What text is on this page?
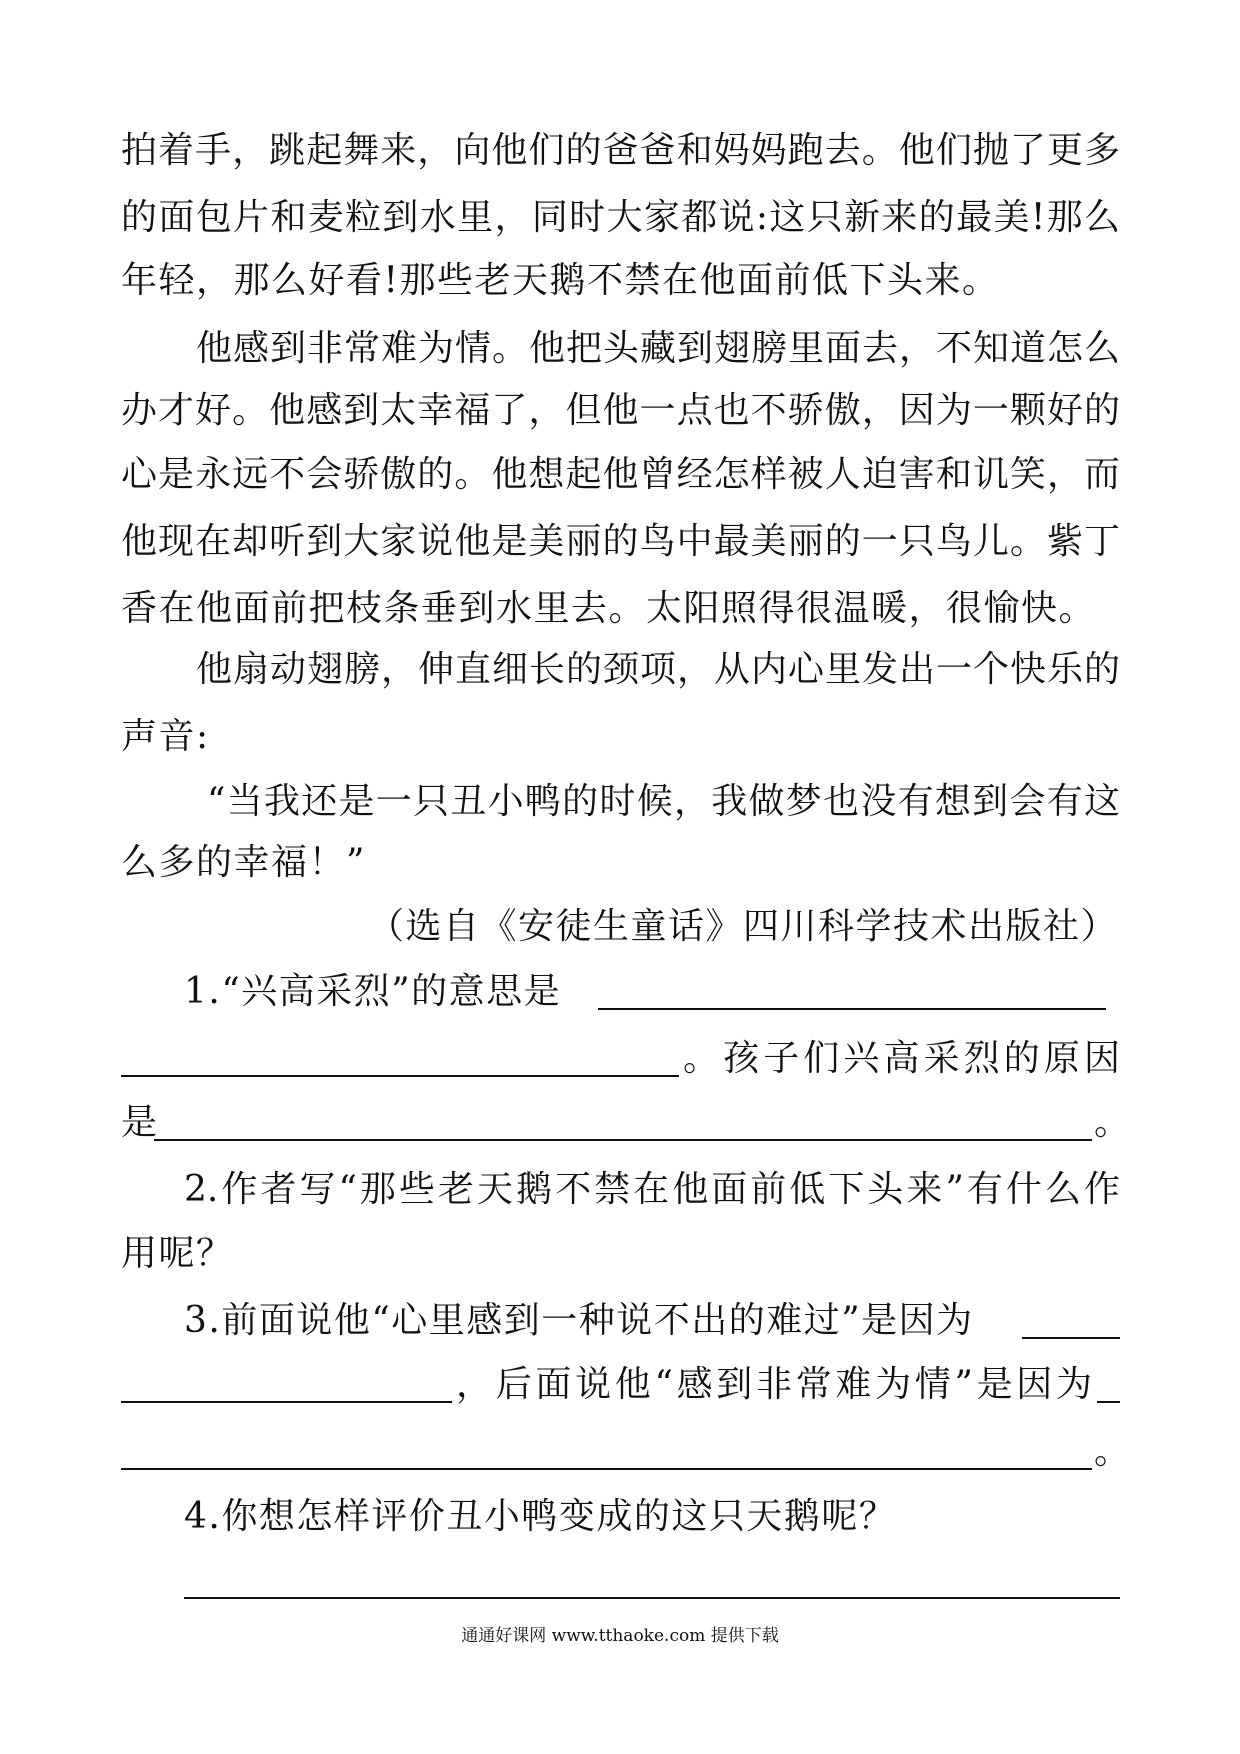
拍着手，跳起舞来，向他们的爸爸和妈妈跑去。他们抛了更多
的面包片和麦粒到水里，同时大家都说:这只新来的最美!那么
年轻，那么好看!那些老天鹅不禁在他面前低下头来。
他感到非常难为情。他把头藏到翅膀里面去，不知道怎么
办才好。他感到太幸福了，但他一点也不骄傲，因为一颗好的
心是永远不会骄傲的。他想起他曾经怎样被人迫害和讥笑，而
他现在却听到大家说他是美丽的鸟中最美丽的一只鸟儿。紫丁
香在他面前把枝条垂到水里去。太阳照得很温暖，很愉快。
他扇动翅膀，伸直细长的颈项，从内心里发出一个快乐的
声音:
“当我还是一只丑小鸭的时候，我做梦也没有想到会有这
么多的幸福！”
（选自《安徒生童话》四川科学技术出版社）
1.“兴高采烈”的意思是
。孩子们兴高采烈的原因
是	。
2.作者写“那些老天鹅不禁在他面前低下头来”有什么作
用呢？
3.前面说他“心里感到一种说不出的难过”是因为
，后面说他“感到非常难为情”是因为
。
4.你想怎样评价丑小鸭变成的这只天鹅呢？
通通好课网 www.tthaoke.com 提供下载
